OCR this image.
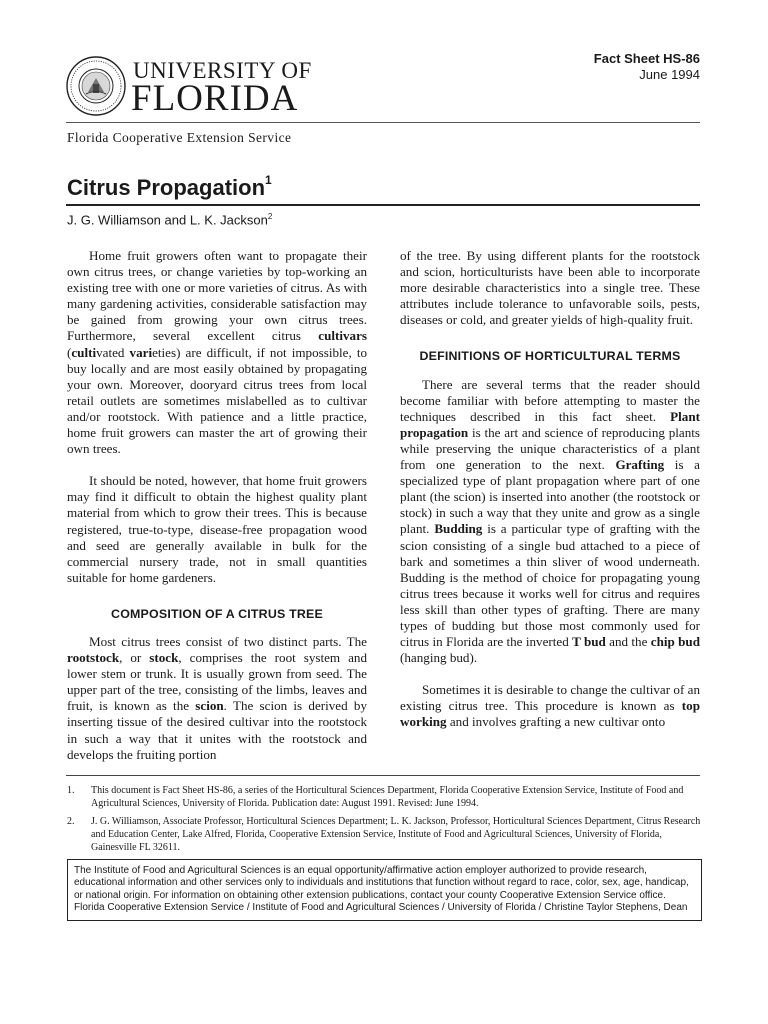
UNIVERSITY OF
FLORIDA
Florida Cooperative Extension Service
Fact Sheet HS-86
June 1994
Citrus Propagation$^1$
J. G. Williamson and L. K. Jackson$^2$

Home fruit growers often want to propagate their own citrus trees, or change varieties by top-working an existing tree with one or more varieties of citrus. As with many gardening activities, considerable satisfaction may be gained from growing your own citrus trees. Furthermore, several excellent citrus cultivars (cultivated varieties) are difficult, if not impossible, to buy locally and are most easily obtained by propagating your own. Moreover, dooryard citrus trees from local retail outlets are sometimes mislabelled as to cultivar and/or rootstock. With patience and a little practice, home fruit growers can master the art of growing their own trees.

It should be noted, however, that home fruit growers may find it difficult to obtain the highest quality plant material from which to grow their trees. This is because registered, true-to-type, disease-free propagation wood and seed are generally available in bulk for the commercial nursery trade, not in small quantities suitable for home gardeners.

COMPOSITION OF A CITRUS TREE

Most citrus trees consist of two distinct parts. The rootstock, or stock, comprises the root system and lower stem or trunk. It is usually grown from seed. The upper part of the tree, consisting of the limbs, leaves and fruit, is known as the scion. The scion is derived by inserting tissue of the desired cultivar into the rootstock in such a way that it unites with the rootstock and develops the fruiting portion

of the tree. By using different plants for the rootstock and scion, horticulturists have been able to incorporate more desirable characteristics into a single tree. These attributes include tolerance to unfavorable soils, pests, diseases or cold, and greater yields of high-quality fruit.

DEFINITIONS OF HORTICULTURAL TERMS

There are several terms that the reader should become familiar with before attempting to master the techniques described in this fact sheet. Plant propagation is the art and science of reproducing plants while preserving the unique characteristics of a plant from one generation to the next. Grafting is a specialized type of plant propagation where part of one plant (the scion) is inserted into another (the rootstock or stock) in such a way that they unite and grow as a single plant. Budding is a particular type of grafting with the scion consisting of a single bud attached to a piece of bark and sometimes a thin sliver of wood underneath. Budding is the method of choice for propagating young citrus trees because it works well for citrus and requires less skill than other types of grafting. There are many types of budding but those most commonly used for citrus in Florida are the inverted T bud and the chip bud (hanging bud).

Sometimes it is desirable to change the cultivar of an existing citrus tree. This procedure is known as top working and involves grafting a new cultivar onto

1.	This document is Fact Sheet HS-86, a series of the Horticultural Sciences Department, Florida Cooperative Extension Service, Institute of Food and Agricultural Sciences, University of Florida. Publication date: August 1991. Revised: June 1994.
2.	J. G. Williamson, Associate Professor, Horticultural Sciences Department; L. K. Jackson, Professor, Horticultural Sciences Department, Citrus Research and Education Center, Lake Alfred, Florida, Cooperative Extension Service, Institute of Food and Agricultural Sciences, University of Florida, Gainesville FL 32611.
The Institute of Food and Agricultural Sciences is an equal opportunity/affirmative action employer authorized to provide research, educational information and other services only to individuals and institutions that function without regard to race, color, sex, age, handicap, or national origin. For information on obtaining other extension publications, contact your county Cooperative Extension Service office.
Florida Cooperative Extension Service / Institute of Food and Agricultural Sciences / University of Florida / Christine Taylor Stephens, Dean
